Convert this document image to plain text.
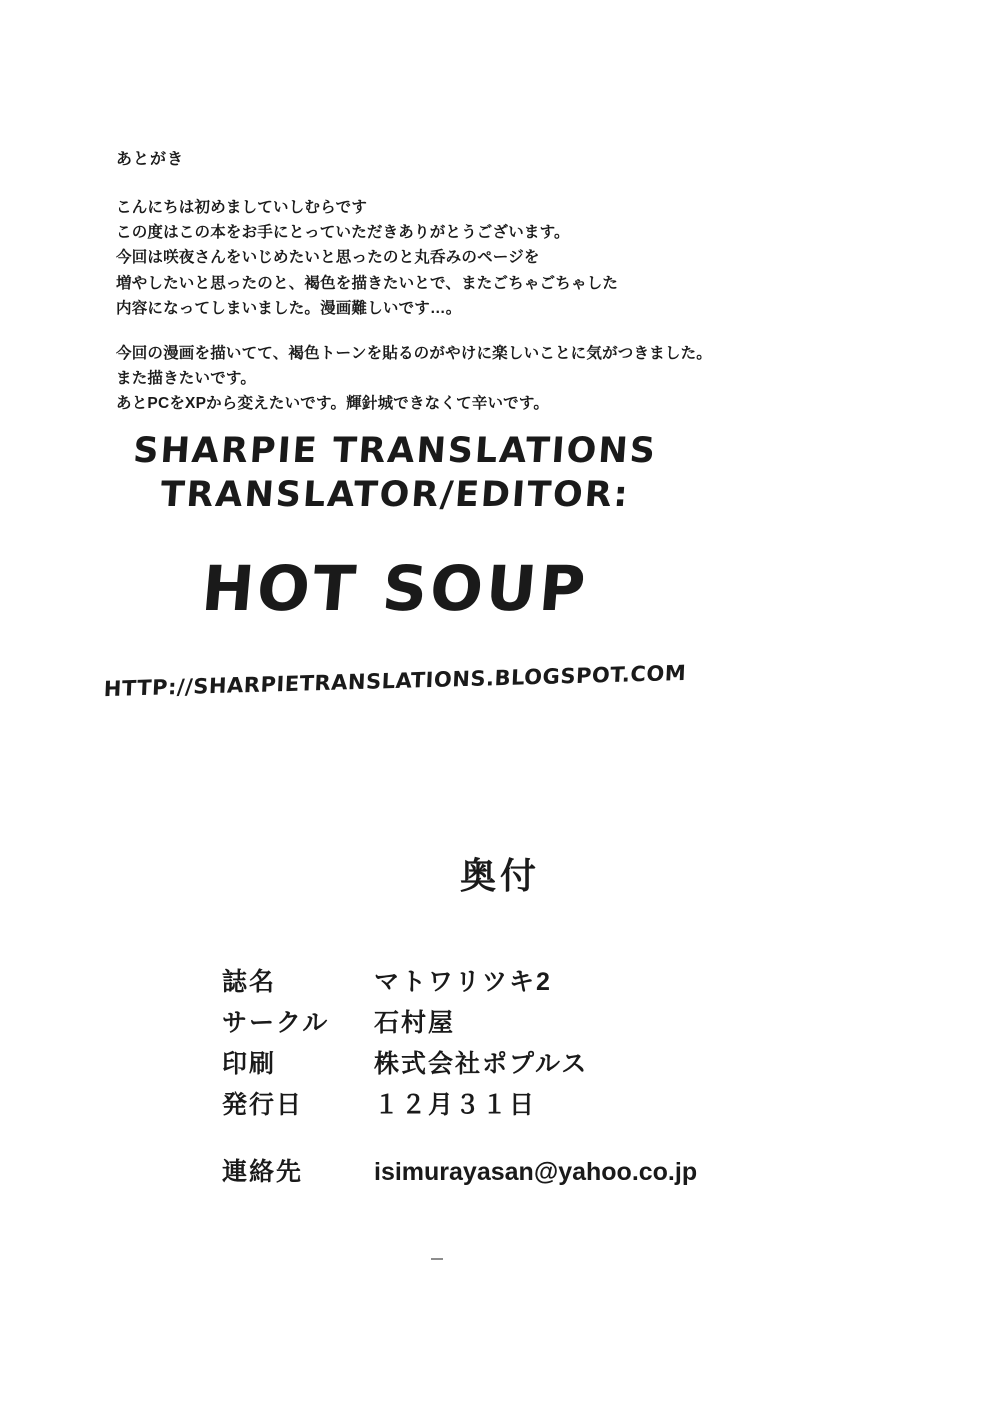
あとがき
こんにちは初めましていしむらです
この度はこの本をお手にとっていただきありがとうございます。
今回は咲夜さんをいじめたいと思ったのと丸呑みのページを
増やしたいと思ったのと、褐色を描きたいとで、またごちゃごちゃした
内容になってしまいました。漫画難しいです…。
今回の漫画を描いてて、褐色トーンを貼るのがやけに楽しいことに気がつきました。
また描きたいです。
あとPCをXPから変えたいです。輝針城できなくて辛いです。
SHARPIE TRANSLATIONS
TRANSLATOR/EDITOR:
HOT SOUP
HTTP://SHARPIETRANSLATIONS.BLOGSPOT.COM
奥付
誌名	マトワリツキ2
サークル	石村屋
印刷	株式会社ポプルス
発行日	１２月３１日
連絡先	isimurayasan@yahoo.co.jp
